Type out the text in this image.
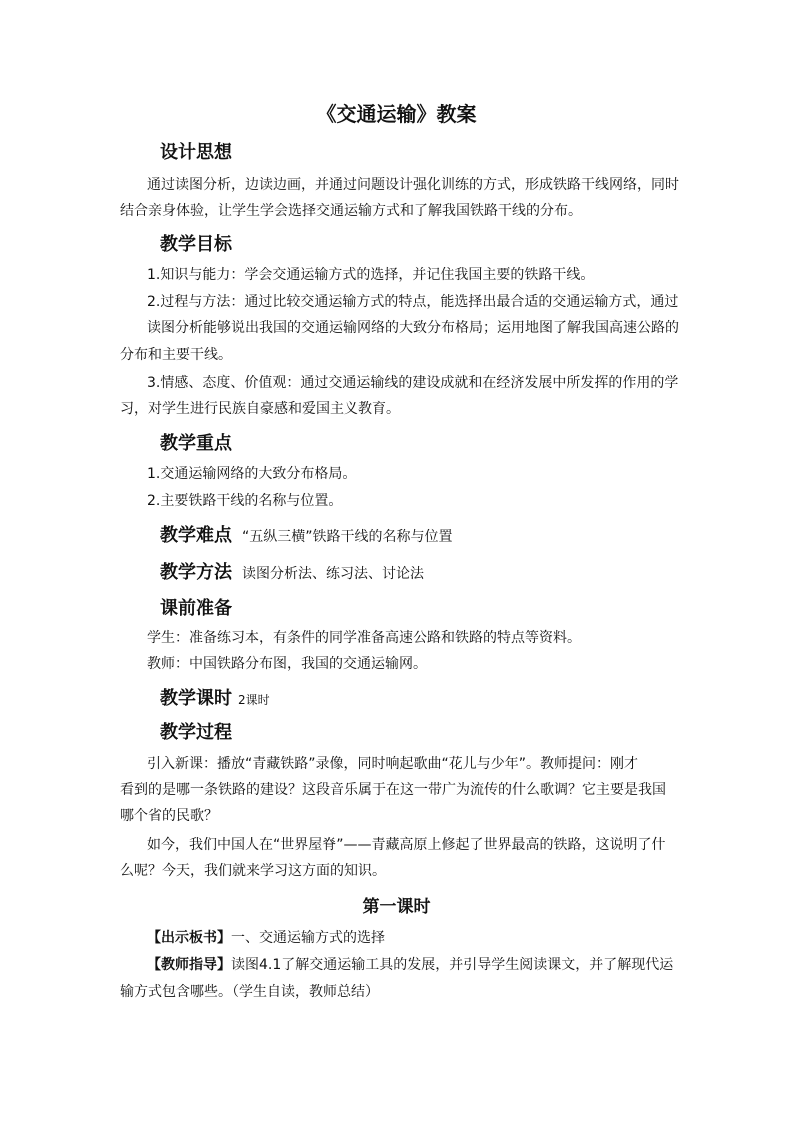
《交通运输》教案
设计思想
通过读图分析，边读边画，并通过问题设计强化训练的方式，形成铁路干线网络，同时
结合亲身体验，让学生学会选择交通运输方式和了解我国铁路干线的分布。
教学目标
1.知识与能力：学会交通运输方式的选择，并记住我国主要的铁路干线。
2.过程与方法：通过比较交通运输方式的特点，能选择出最合适的交通运输方式，通过
读图分析能够说出我国的交通运输网络的大致分布格局；运用地图了解我国高速公路的
分布和主要干线。
3.情感、态度、价值观：通过交通运输线的建设成就和在经济发展中所发挥的作用的学
习，对学生进行民族自豪感和爱国主义教育。
教学重点
1.交通运输网络的大致分布格局。
2.主要铁路干线的名称与位置。
教学难点 “五纵三横”铁路干线的名称与位置
教学方法 读图分析法、练习法、讨论法
课前准备
学生：准备练习本，有条件的同学准备高速公路和铁路的特点等资料。
教师：中国铁路分布图，我国的交通运输网。
教学课时 2课时
教学过程
引入新课：播放“青藏铁路”录像，同时响起歌曲“花儿与少年”。教师提问：刚才
看到的是哪一条铁路的建设？这段音乐属于在这一带广为流传的什么歌调？它主要是我国
哪个省的民歌？
如今，我们中国人在“世界屋脊”——青藏高原上修起了世界最高的铁路，这说明了什
么呢？今天，我们就来学习这方面的知识。
第一课时
【出示板书】一、交通运输方式的选择
【教师指导】读图4.1了解交通运输工具的发展，并引导学生阅读课文，并了解现代运
输方式包含哪些。（学生自读，教师总结）
